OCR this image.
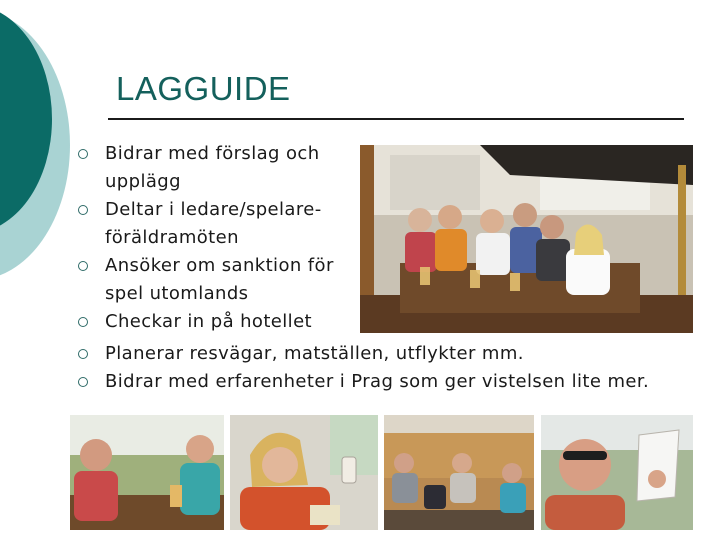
LAGGUIDE
Bidrar med förslag och upplägg
Deltar i ledare/spelare-föräldramöten
Ansöker om sanktion för spel utomlands
Checkar in på hotellet
Planerar resvägar, matställen, utflykter mm.
Bidrar med erfarenheter i Prag som ger vistelsen lite mer.
